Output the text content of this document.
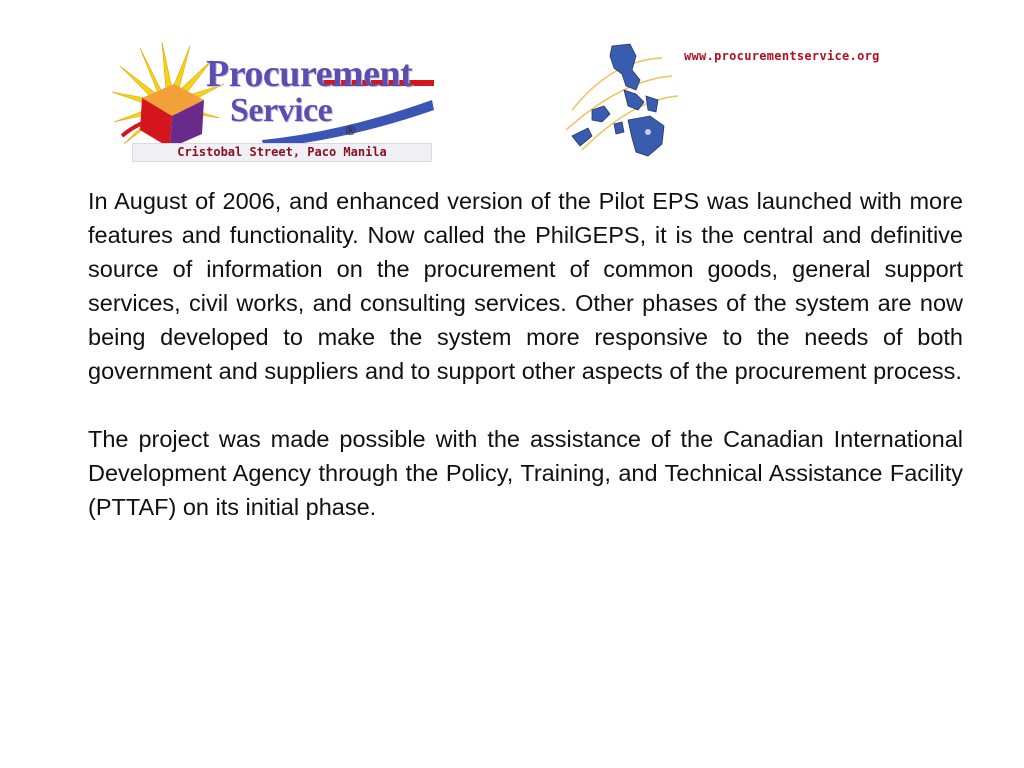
Procurement
Service
®
Cristobal Street, Paco Manila
www.procurementservice.org

In August of 2006, and enhanced version of the Pilot EPS was launched with more features and functionality. Now called the PhilGEPS, it is the central and definitive source of information on the procurement of common goods, general support services, civil works, and consulting services. Other phases of the system are now being developed to make the system more responsive to the needs of both government and suppliers and to support other aspects of the procurement process.

The project was made possible with the assistance of the Canadian International Development Agency through the Policy, Training, and Technical Assistance Facility (PTTAF) on its initial phase.
